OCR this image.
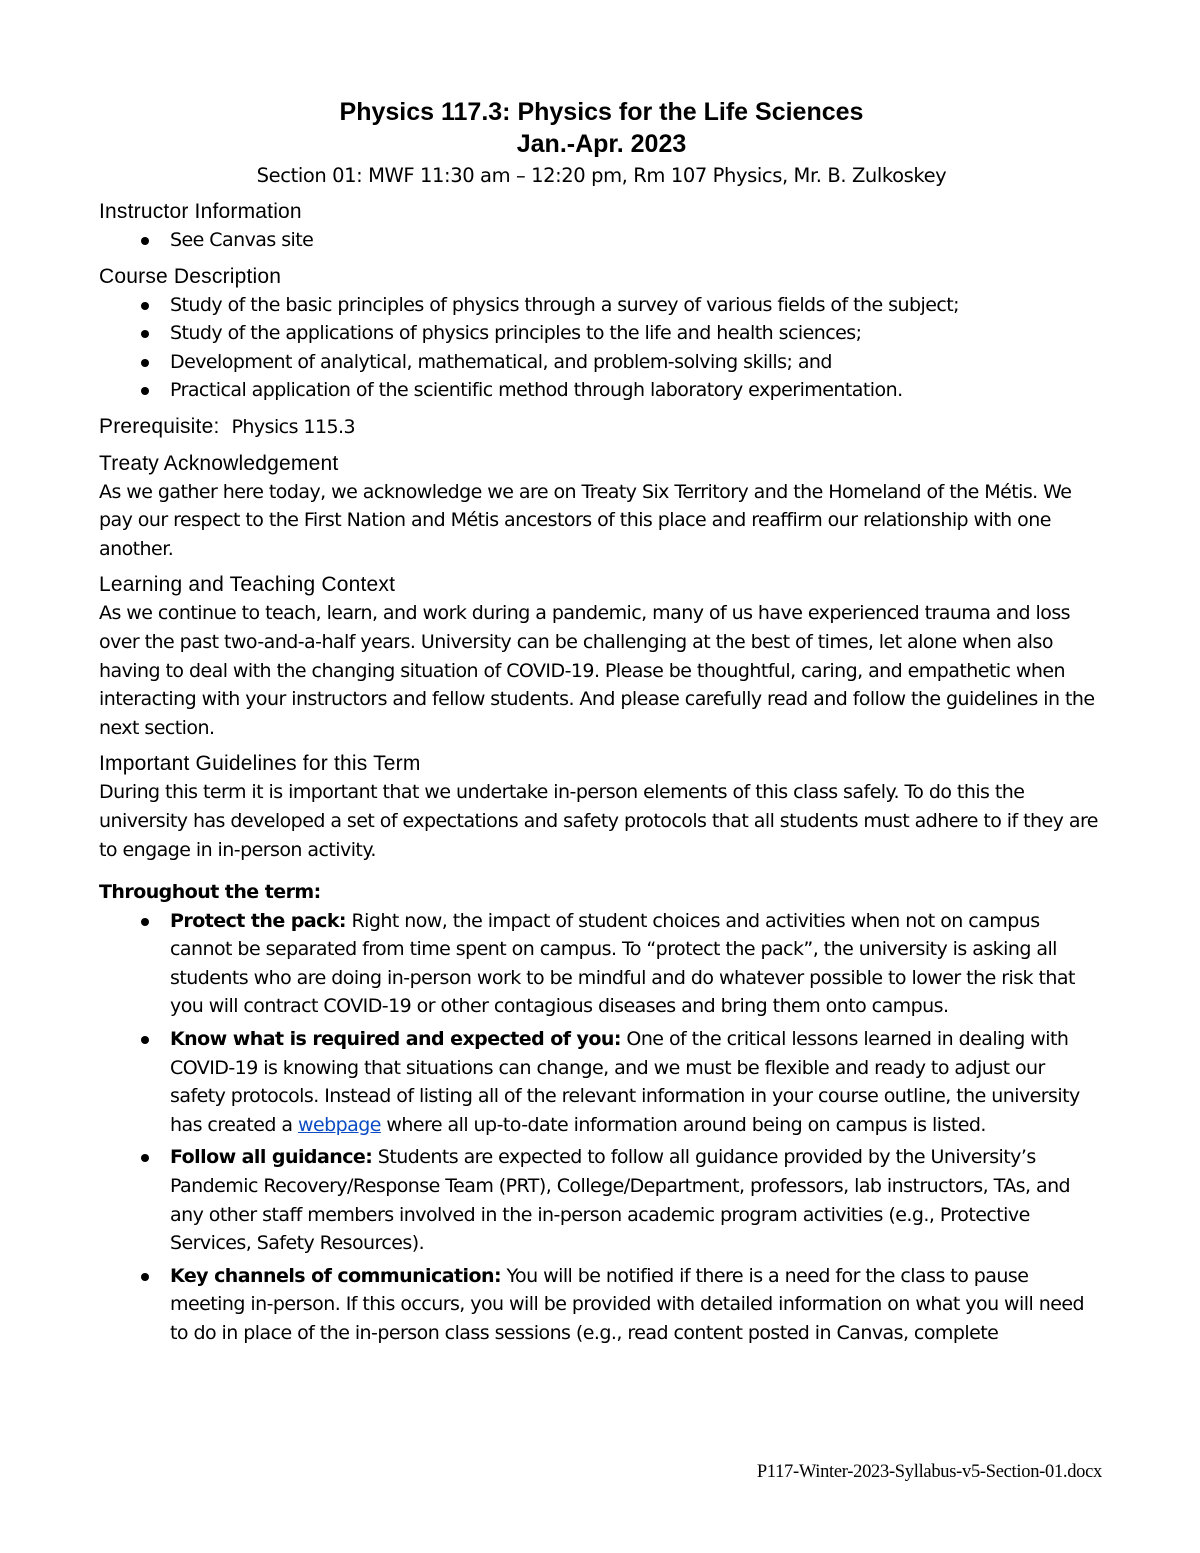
Physics 117.3: Physics for the Life Sciences
Jan.-Apr. 2023
Section 01: MWF 11:30 am – 12:20 pm, Rm 107 Physics, Mr. B. Zulkoskey
Instructor Information
See Canvas site
Course Description
Study of the basic principles of physics through a survey of various fields of the subject;
Study of the applications of physics principles to the life and health sciences;
Development of analytical, mathematical, and problem-solving skills; and
Practical application of the scientific method through laboratory experimentation.
Prerequisite: Physics 115.3

Treaty Acknowledgement

As we gather here today, we acknowledge we are on Treaty Six Territory and the Homeland of the Métis. We pay our respect to the First Nation and Métis ancestors of this place and reaffirm our relationship with one another.

Learning and Teaching Context

As we continue to teach, learn, and work during a pandemic, many of us have experienced trauma and loss over the past two-and-a-half years. University can be challenging at the best of times, let alone when also having to deal with the changing situation of COVID-19. Please be thoughtful, caring, and empathetic when interacting with your instructors and fellow students. And please carefully read and follow the guidelines in the next section.

Important Guidelines for this Term

During this term it is important that we undertake in-person elements of this class safely. To do this the university has developed a set of expectations and safety protocols that all students must adhere to if they are to engage in in-person activity.

Throughout the term:

Protect the pack: Right now, the impact of student choices and activities when not on campus cannot be separated from time spent on campus. To “protect the pack”, the university is asking all students who are doing in-person work to be mindful and do whatever possible to lower the risk that you will contract COVID-19 or other contagious diseases and bring them onto campus.
Know what is required and expected of you: One of the critical lessons learned in dealing with COVID-19 is knowing that situations can change, and we must be flexible and ready to adjust our safety protocols. Instead of listing all of the relevant information in your course outline, the university has created a webpage where all up-to-date information around being on campus is listed.
Follow all guidance: Students are expected to follow all guidance provided by the University’s Pandemic Recovery/Response Team (PRT), College/Department, professors, lab instructors, TAs, and any other staff members involved in the in-person academic program activities (e.g., Protective Services, Safety Resources).
Key channels of communication: You will be notified if there is a need for the class to pause meeting in-person. If this occurs, you will be provided with detailed information on what you will need to do in place of the in-person class sessions (e.g., read content posted in Canvas, complete
P117-Winter-2023-Syllabus-v5-Section-01.docx
